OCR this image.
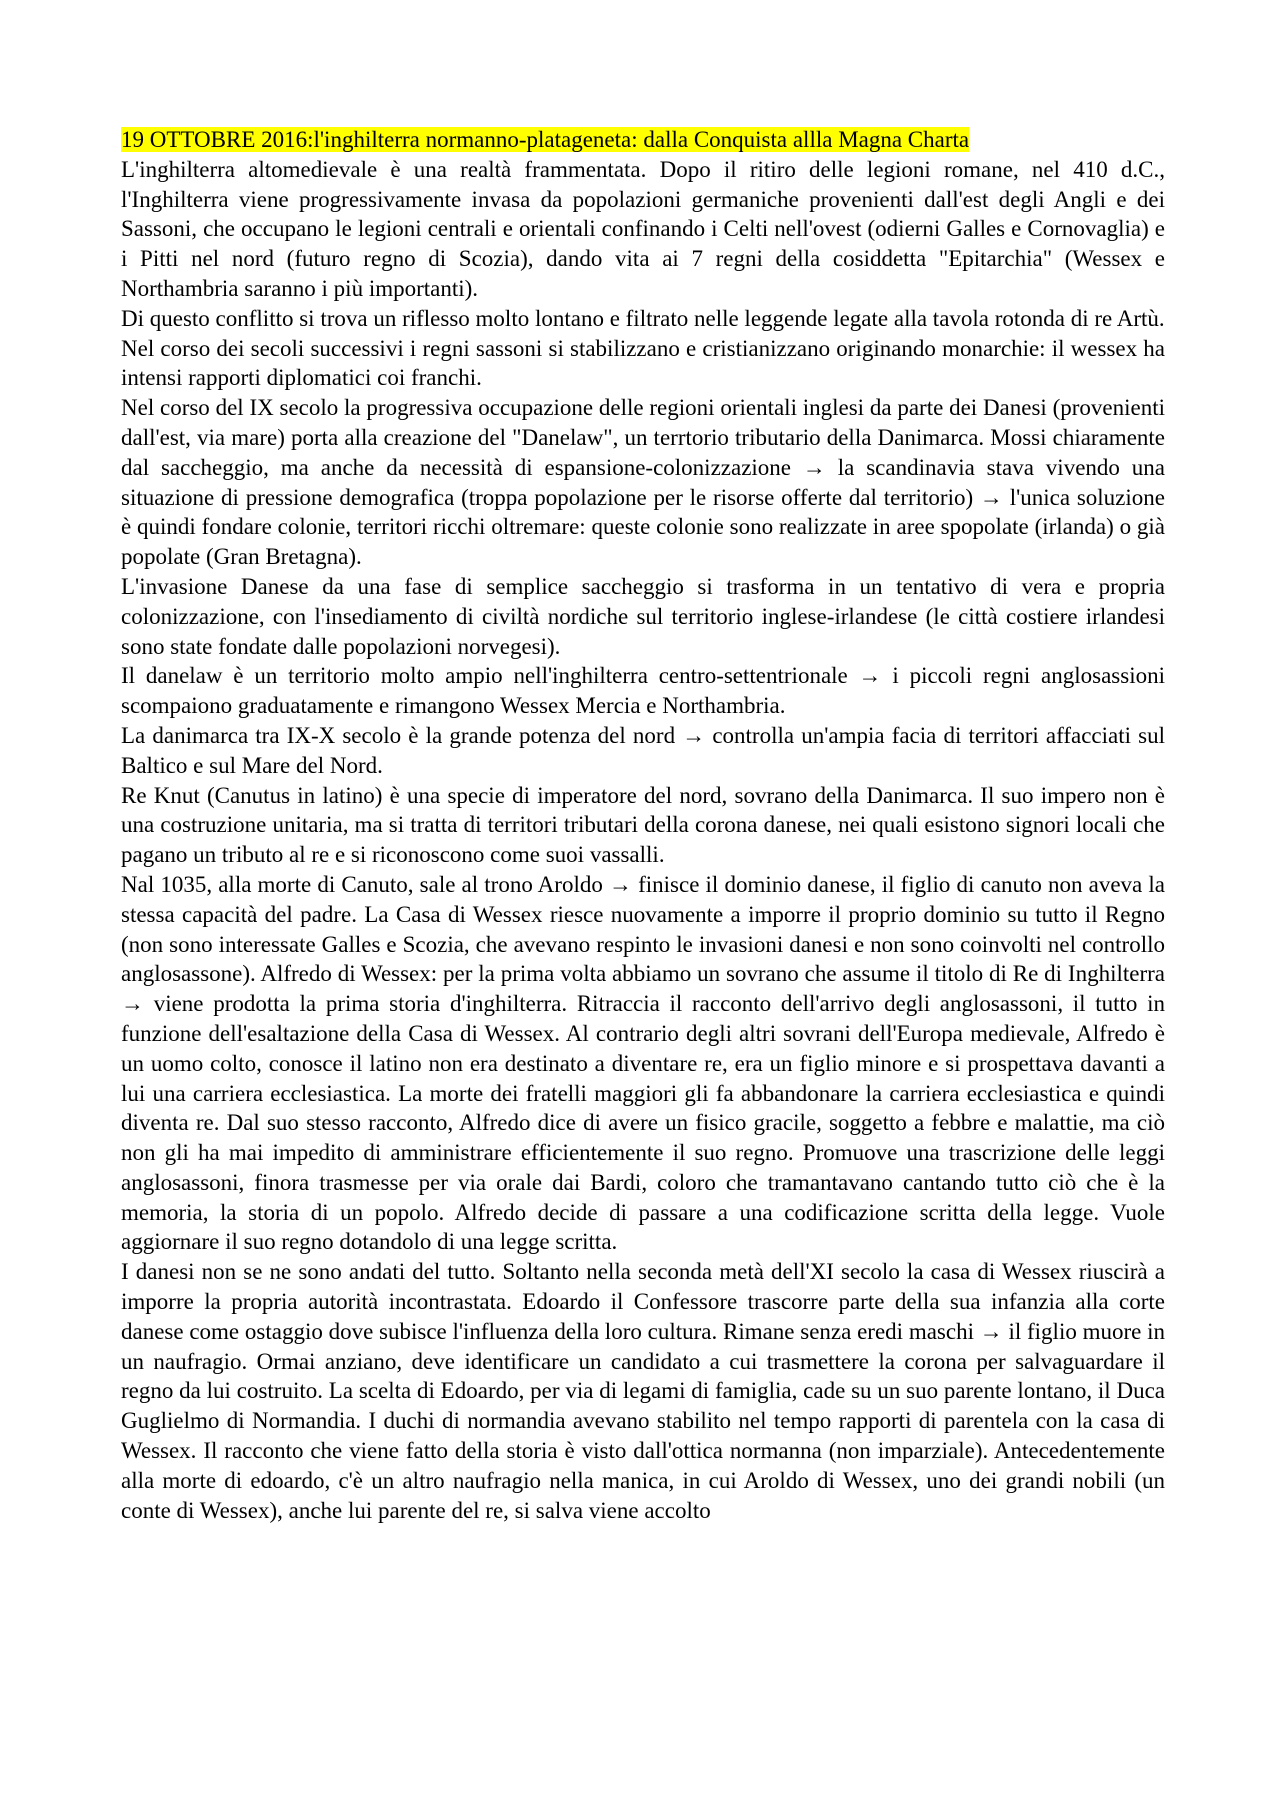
19 OTTOBRE 2016:l'inghilterra normanno-platageneta: dalla Conquista allla Magna Charta

L'inghilterra altomedievale è una realtà frammentata. Dopo il ritiro delle legioni romane, nel 410 d.C., l'Inghilterra viene progressivamente invasa da popolazioni germaniche provenienti dall'est degli Angli e dei Sassoni, che occupano le legioni centrali e orientali confinando i Celti nell'ovest (odierni Galles e Cornovaglia) e i Pitti nel nord (futuro regno di Scozia), dando vita ai 7 regni della cosiddetta "Epitarchia" (Wessex e Northambria saranno i più importanti).

Di questo conflitto si trova un riflesso molto lontano e filtrato nelle leggende legate alla tavola rotonda di re Artù.

Nel corso dei secoli successivi i regni sassoni si stabilizzano e cristianizzano originando monarchie: il wessex ha intensi rapporti diplomatici coi franchi.

Nel corso del IX secolo la progressiva occupazione delle regioni orientali inglesi da parte dei Danesi (provenienti dall'est, via mare) porta alla creazione del "Danelaw", un terrtorio tributario della Danimarca. Mossi chiaramente dal saccheggio, ma anche da necessità di espansione-colonizzazione → la scandinavia stava vivendo una situazione di pressione demografica (troppa popolazione per le risorse offerte dal territorio) → l'unica soluzione è quindi fondare colonie, territori ricchi oltremare: queste colonie sono realizzate in aree spopolate (irlanda) o già popolate (Gran Bretagna).

L'invasione Danese da una fase di semplice saccheggio si trasforma in un tentativo di vera e propria colonizzazione, con l'insediamento di civiltà nordiche sul territorio inglese-irlandese (le città costiere irlandesi sono state fondate dalle popolazioni norvegesi).

Il danelaw è un territorio molto ampio nell'inghilterra centro-settentrionale → i piccoli regni anglosassioni scompaiono graduatamente e rimangono Wessex Mercia e Northambria.

La danimarca tra IX-X secolo è la grande potenza del nord → controlla un'ampia facia di territori affacciati sul Baltico e sul Mare del Nord.

Re Knut (Canutus in latino) è una specie di imperatore del nord, sovrano della Danimarca. Il suo impero non è una costruzione unitaria, ma si tratta di territori tributari della corona danese, nei quali esistono signori locali che pagano un tributo al re e si riconoscono come suoi vassalli.

Nal 1035, alla morte di Canuto, sale al trono Aroldo → finisce il dominio danese, il figlio di canuto non aveva la stessa capacità del padre. La Casa di Wessex riesce nuovamente a imporre il proprio dominio su tutto il Regno (non sono interessate Galles e Scozia, che avevano respinto le invasioni danesi e non sono coinvolti nel controllo anglosassone). Alfredo di Wessex: per la prima volta abbiamo un sovrano che assume il titolo di Re di Inghilterra → viene prodotta la prima storia d'inghilterra. Ritraccia il racconto dell'arrivo degli anglosassoni, il tutto in funzione dell'esaltazione della Casa di Wessex. Al contrario degli altri sovrani dell'Europa medievale, Alfredo è un uomo colto, conosce il latino non era destinato a diventare re, era un figlio minore e si prospettava davanti a lui una carriera ecclesiastica. La morte dei fratelli maggiori gli fa abbandonare la carriera ecclesiastica e quindi diventa re. Dal suo stesso racconto, Alfredo dice di avere un fisico gracile, soggetto a febbre e malattie, ma ciò non gli ha mai impedito di amministrare efficientemente il suo regno. Promuove una trascrizione delle leggi anglosassoni, finora trasmesse per via orale dai Bardi, coloro che tramantavano cantando tutto ciò che è la memoria, la storia di un popolo. Alfredo decide di passare a una codificazione scritta della legge. Vuole aggiornare il suo regno dotandolo di una legge scritta.

I danesi non se ne sono andati del tutto. Soltanto nella seconda metà dell'XI secolo la casa di Wessex riuscirà a imporre la propria autorità incontrastata. Edoardo il Confessore trascorre parte della sua infanzia alla corte danese come ostaggio dove subisce l'influenza della loro cultura. Rimane senza eredi maschi → il figlio muore in un naufragio. Ormai anziano, deve identificare un candidato a cui trasmettere la corona per salvaguardare il regno da lui costruito. La scelta di Edoardo, per via di legami di famiglia, cade su un suo parente lontano, il Duca Guglielmo di Normandia. I duchi di normandia avevano stabilito nel tempo rapporti di parentela con la casa di Wessex. Il racconto che viene fatto della storia è visto dall'ottica normanna (non imparziale). Antecedentemente alla morte di edoardo, c'è un altro naufragio nella manica, in cui Aroldo di Wessex, uno dei grandi nobili (un conte di Wessex), anche lui parente del re, si salva viene accolto
